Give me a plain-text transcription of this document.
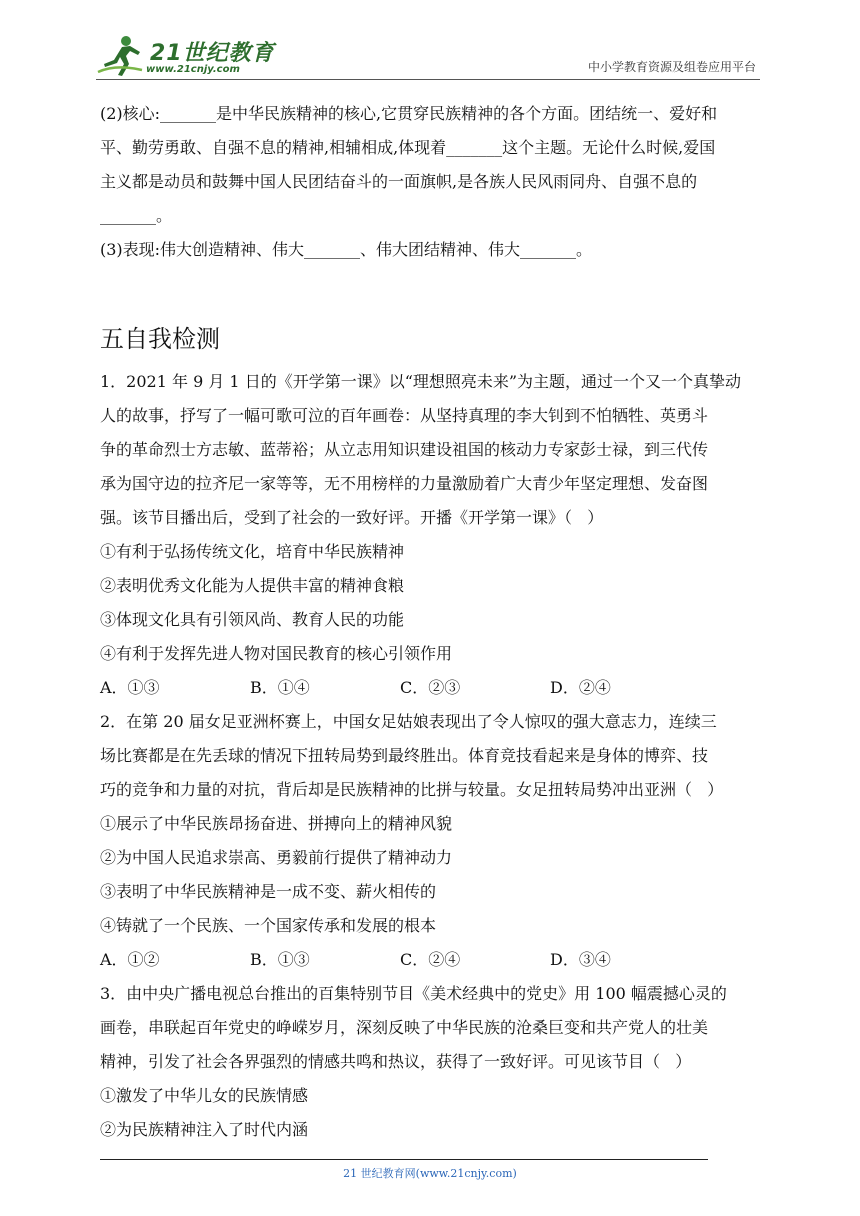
21世纪教育
www.21cnjy.com	中小学教育资源及组卷应用平台

(2)核心:_______是中华民族精神的核心,它贯穿民族精神的各个方面。团结统一、爱好和

平、勤劳勇敢、自强不息的精神,相辅相成,体现着_______这个主题。无论什么时候,爱国

主义都是动员和鼓舞中国人民团结奋斗的一面旗帜,是各族人民风雨同舟、自强不息的

_______。

(3)表现:伟大创造精神、伟大_______、伟大团结精神、伟大_______。

五自我检测

1．2021 年 9 月 1 日的《开学第一课》以“理想照亮未来”为主题，通过一个又一个真挚动

人的故事，抒写了一幅可歌可泣的百年画卷：从坚持真理的李大钊到不怕牺牲、英勇斗

争的革命烈士方志敏、蓝蒂裕；从立志用知识建设祖国的核动力专家彭士禄，到三代传

承为国守边的拉齐尼一家等等，无不用榜样的力量激励着广大青少年坚定理想、发奋图

强。该节目播出后，受到了社会的一致好评。开播《开学第一课》（   ）

①有利于弘扬传统文化，培育中华民族精神

②表明优秀文化能为人提供丰富的精神食粮

③体现文化具有引领风尚、教育人民的功能

④有利于发挥先进人物对国民教育的核心引领作用

A．①③	B．①④	C．②③	D．②④

2．在第 20 届女足亚洲杯赛上，中国女足姑娘表现出了令人惊叹的强大意志力，连续三

场比赛都是在先丢球的情况下扭转局势到最终胜出。体育竞技看起来是身体的博弈、技

巧的竞争和力量的对抗，背后却是民族精神的比拼与较量。女足扭转局势冲出亚洲（   ）

①展示了中华民族昂扬奋进、拼搏向上的精神风貌

②为中国人民追求崇高、勇毅前行提供了精神动力

③表明了中华民族精神是一成不变、薪火相传的

④铸就了一个民族、一个国家传承和发展的根本

A．①②	B．①③	C．②④	D．③④

3．由中央广播电视总台推出的百集特别节目《美术经典中的党史》用 100 幅震撼心灵的

画卷，串联起百年党史的峥嵘岁月，深刻反映了中华民族的沧桑巨变和共产党人的壮美

精神，引发了社会各界强烈的情感共鸣和热议，获得了一致好评。可见该节目（   ）

①激发了中华儿女的民族情感

②为民族精神注入了时代内涵

21 世纪教育网(www.21cnjy.com)
